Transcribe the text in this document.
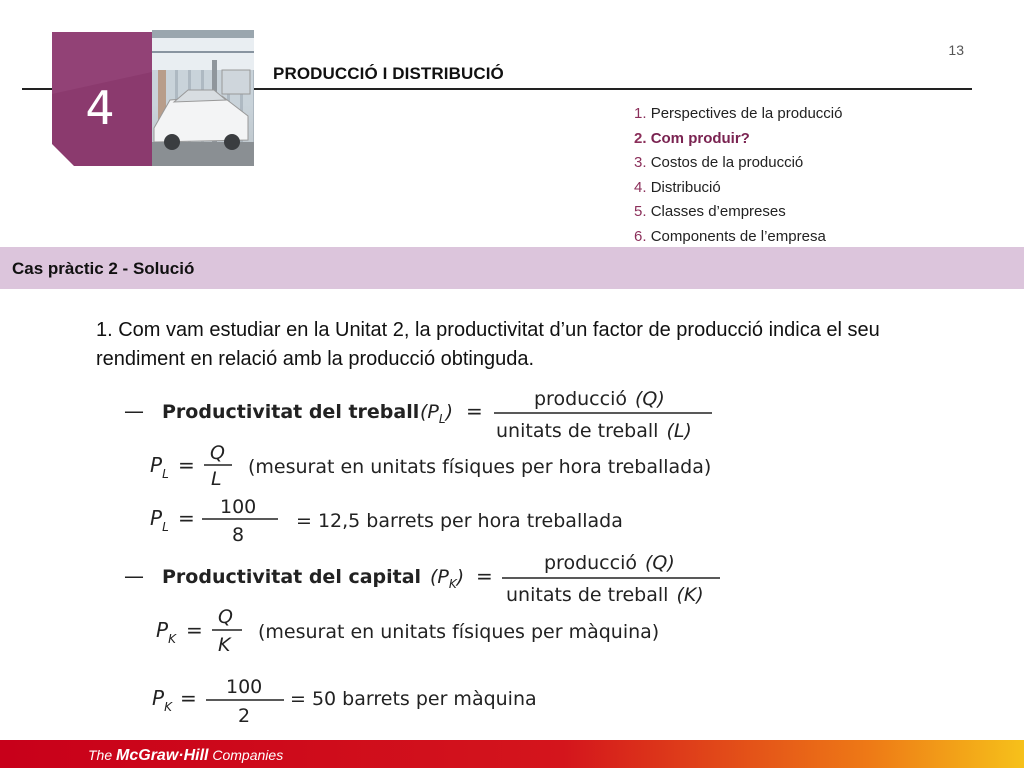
13
4
PRODUCCIÓ I DISTRIBUCIÓ
1. Perspectives de la producció
2. Com produir?
3. Costos de la producció
4. Distribució
5. Classes d’empreses
6. Components de l’empresa
Cas pràctic 2 - Solució

1. Com vam estudiar en la Unitat 2, la productivitat d’un factor de producció indica el seu rendiment en relació amb la producció obtinguda.

— Productivitat del treball $(P_L)$ =	producció (Q)
unitats de treball (L)
$P_L = Q$
L
(mesurat en unitats físiques per hora treballada)
$P_L = 100$
8
= 12,5 barrets per hora treballada
— Productivitat del capital $(P_K)$ =
producció (Q)
unitats de treball (K)
$P_K$ =
Q
K
(mesurat en unitats físiques per màquina)
$P_K = 100$
2
= 50 barrets per màquina
The McGraw·Hill Companies
